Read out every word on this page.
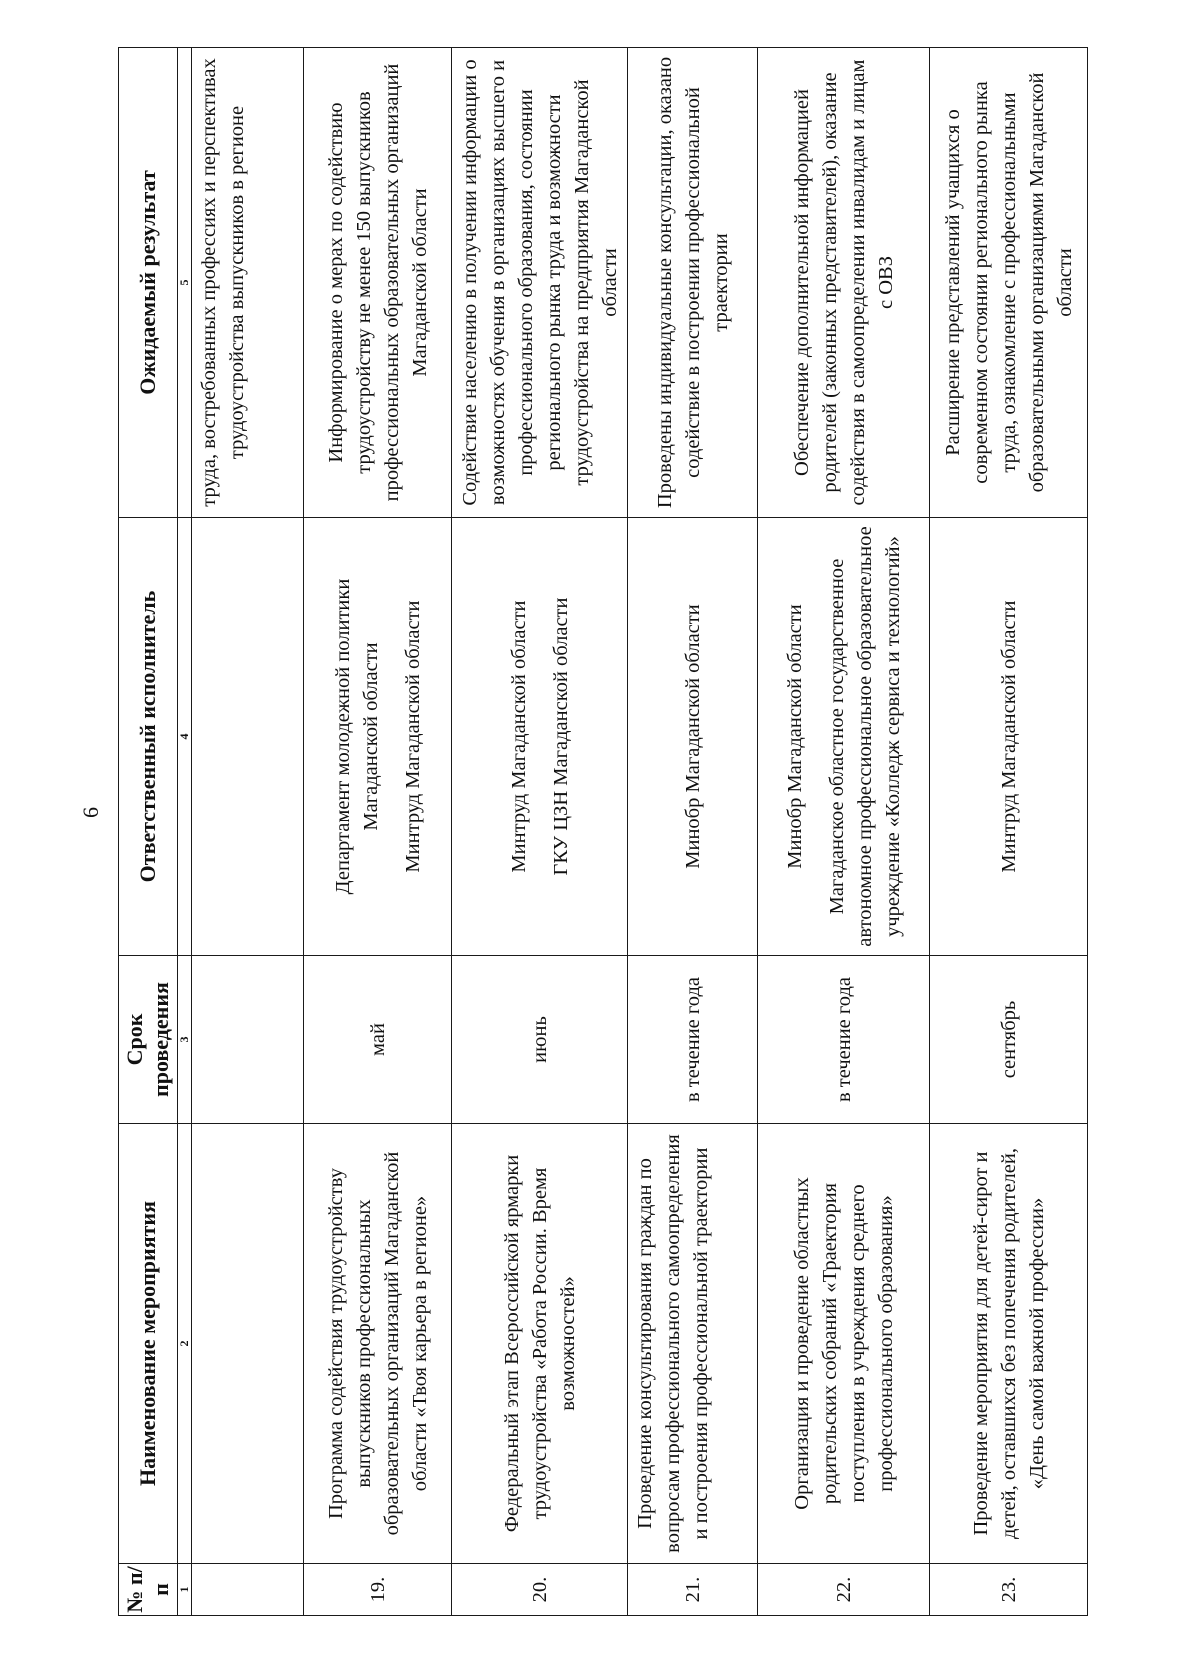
6
№ п/п	Наименование мероприятия	Срок проведения	Ответственный исполнитель	Ожидаемый результат
1	2	3	4	5
				труда, востребованных профессиях и перспективах трудоустройства выпускников в регионе
19.	Программа содействия трудоустройству выпускников профессиональных образовательных организаций Магаданской области «Твоя карьера в регионе»	май	Департамент молодежной политики Магаданской области Минтруд Магаданской области	Информирование о мерах по содействию трудоустройству не менее 150 выпускников профессиональных образовательных организаций Магаданской области
20.	Федеральный этап Всероссийской ярмарки трудоустройства «Работа России. Время возможностей»	июнь	Минтруд Магаданской области ГКУ ЦЗН Магаданской области	Содействие населению в получении информации о возможностях обучения в организациях высшего и профессионального образования, состоянии регионального рынка труда и возможности трудоустройства на предприятия Магаданской области
21.	Проведение консультирования граждан по вопросам профессионального самоопределения и построения профессиональной траектории	в течение года	Минобр Магаданской области	Проведены индивидуальные консультации, оказано содействие в построении профессиональной траектории
22.	Организация и проведение областных родительских собраний «Траектория поступления в учреждения среднего профессионального образования»	в течение года	Минобр Магаданской области Магаданское областное государственное автономное профессиональное образовательное учреждение «Колледж сервиса и технологий»	Обеспечение дополнительной информацией родителей (законных представителей), оказание содействия в самоопределении инвалидам и лицам с ОВЗ
23.	Проведение мероприятия для детей-сирот и детей, оставшихся без попечения родителей, «День самой важной профессии»	сентябрь	Минтруд Магаданской области	Расширение представлений учащихся о современном состоянии регионального рынка труда, ознакомление с профессиональными образовательными организациями Магаданской области
